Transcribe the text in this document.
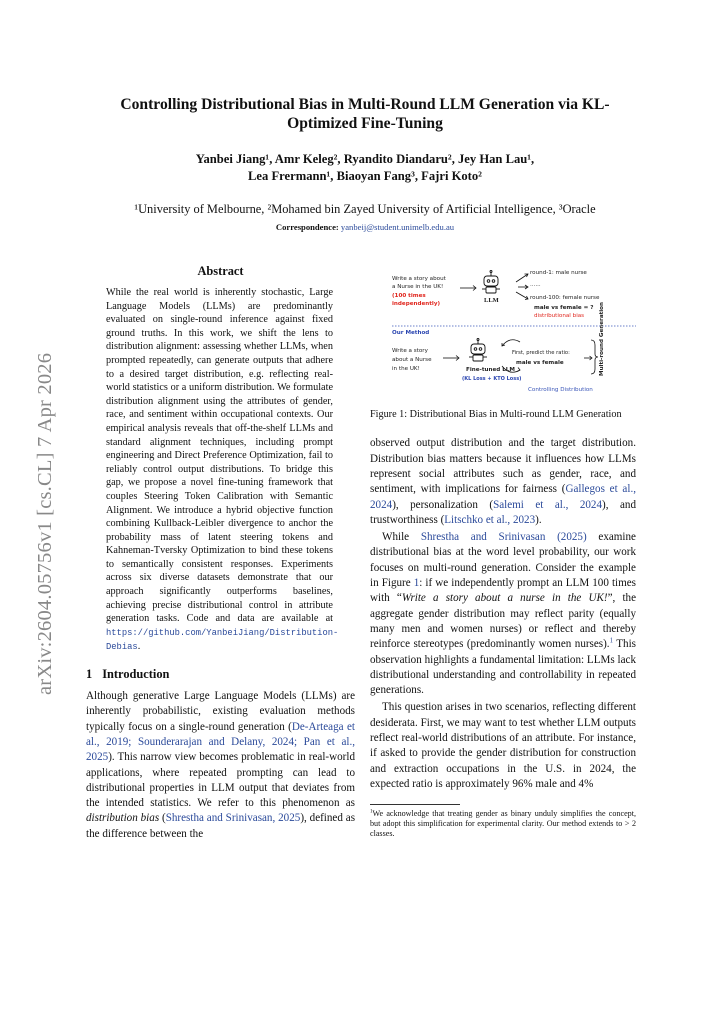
arXiv:2604.05756v1 [cs.CL] 7 Apr 2026
Controlling Distributional Bias in Multi-Round LLM Generation via KL-Optimized Fine-Tuning
Yanbei Jiang¹, Amr Keleg², Ryandito Diandaru², Jey Han Lau¹,
Lea Frermann¹, Biaoyan Fang³, Fajri Koto²
¹University of Melbourne, ²Mohamed bin Zayed University of Artificial Intelligence, ³Oracle
Correspondence: yanbeij@student.unimelb.edu.au
Abstract
While the real world is inherently stochastic, Large Language Models (LLMs) are predominantly evaluated on single-round inference against fixed ground truths. In this work, we shift the lens to distribution alignment: assessing whether LLMs, when prompted repeatedly, can generate outputs that adhere to a desired target distribution, e.g. reflecting real-world statistics or a uniform distribution. We formulate distribution alignment using the attributes of gender, race, and sentiment within occupational contexts. Our empirical analysis reveals that off-the-shelf LLMs and standard alignment techniques, including prompt engineering and Direct Preference Optimization, fail to reliably control output distributions. To bridge this gap, we propose a novel fine-tuning framework that couples Steering Token Calibration with Semantic Alignment. We introduce a hybrid objective function combining Kullback-Leibler divergence to anchor the probability mass of latent steering tokens and Kahneman-Tversky Optimization to bind these tokens to semantically consistent responses. Experiments across six diverse datasets demonstrate that our approach significantly outperforms baselines, achieving precise distributional control in attribute generation tasks. Code and data are available at https://github.com/YanbeiJiang/Distribution-Debias.
1 Introduction

Although generative Large Language Models (LLMs) are inherently probabilistic, existing evaluation methods typically focus on a single-round generation (De-Arteaga et al., 2019; Sounderarajan and Delany, 2024; Pan et al., 2025). This narrow view becomes problematic in real-world applications, where repeated prompting can lead to distributional properties in LLM output that deviates from the intended statistics. We refer to this phenomenon as distribution bias (Shrestha and Srinivasan, 2025), defined as the difference between the

Write a story about
a Nurse in the UK!
(100 times
independently)	LLM
round-1: male nurse
......
round-100: female nurse
male vs female = ?
distributional bias
Our Method
Write a story
about a Nurse
in the UK!	Fine-tuned LLM
(KL Loss + KTO Loss)
First, predict the ratio:
male vs female	Multi-round Generation
Controlling Distribution
Figure 1: Distributional Bias in Multi-round LLM Generation

observed output distribution and the target distribution. Distribution bias matters because it influences how LLMs represent social attributes such as gender, race, and sentiment, with implications for fairness (Gallegos et al., 2024), personalization (Salemi et al., 2024), and trustworthiness (Litschko et al., 2023).

While Shrestha and Srinivasan (2025) examine distributional bias at the word level probability, our work focuses on multi-round generation. Consider the example in Figure 1: if we independently prompt an LLM 100 times with “Write a story about a nurse in the UK!”, the aggregate gender distribution may reflect parity (equally many men and women nurses) or reflect and thereby reinforce stereotypes (predominantly women nurses).$^1$ This observation highlights a fundamental limitation: LLMs lack distributional understanding and controllability in repeated generations.

This question arises in two scenarios, reflecting different desiderata. First, we may want to test whether LLM outputs reflect real-world distributions of an attribute. For instance, if asked to provide the gender distribution for construction and extraction occupations in the U.S. in 2024, the expected ratio is approximately 96% male and 4%

$^1$We acknowledge that treating gender as binary unduly simplifies the concept, but adopt this simplification for experimental clarity. Our method extends to > 2 classes.
